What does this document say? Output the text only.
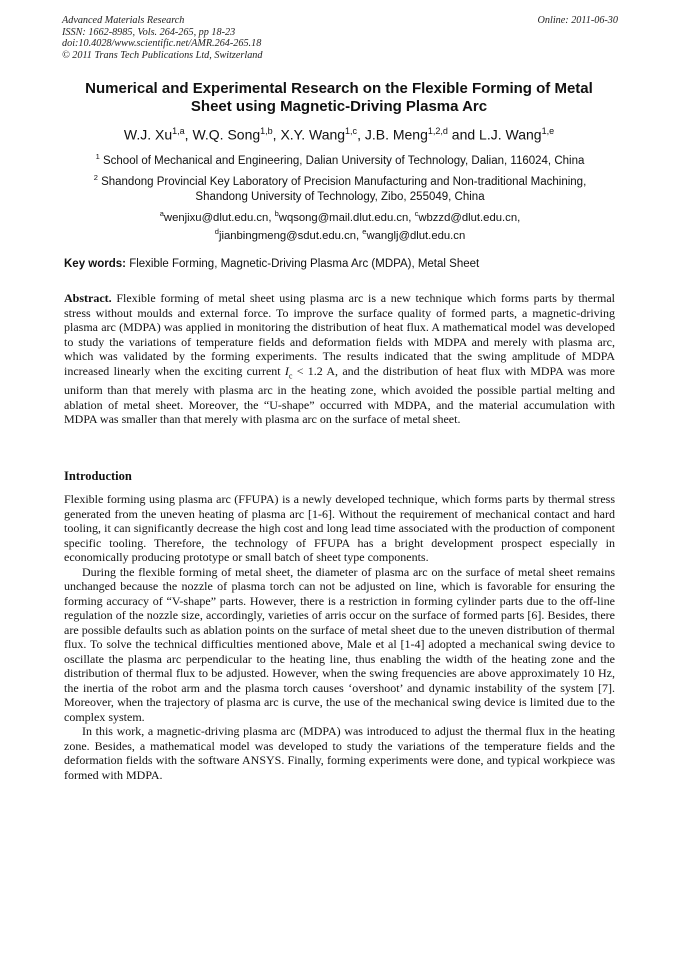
Advanced Materials Research
ISSN: 1662-8985, Vols. 264-265, pp 18-23
doi:10.4028/www.scientific.net/AMR.264-265.18
© 2011 Trans Tech Publications Ltd, Switzerland
Online: 2011-06-30
Numerical and Experimental Research on the Flexible Forming of Metal
Sheet using Magnetic-Driving Plasma Arc
W.J. Xu$^{1,a}$, W.Q. Song$^{1,b}$, X.Y. Wang$^{1,c}$, J.B. Meng$^{1,2,d}$ and L.J. Wang$^{1,e}$
$^1$ School of Mechanical and Engineering, Dalian University of Technology, Dalian, 116024, China
$^2$ Shandong Provincial Key Laboratory of Precision Manufacturing and Non-traditional Machining,
Shandong University of Technology, Zibo, 255049, China
$^a$wenjixu@dlut.edu.cn, $^b$wqsong@mail.dlut.edu.cn, $^c$wbzzd@dlut.edu.cn,
$^d$jianbingmeng@sdut.edu.cn, $^e$wanglj@dlut.edu.cn
Key words: Flexible Forming, Magnetic-Driving Plasma Arc (MDPA), Metal Sheet
Abstract. Flexible forming of metal sheet using plasma arc is a new technique which forms parts by thermal stress without moulds and external force. To improve the surface quality of formed parts, a magnetic-driving plasma arc (MDPA) was applied in monitoring the distribution of heat flux. A mathematical model was developed to study the variations of temperature fields and deformation fields with MDPA and merely with plasma arc, which was validated by the forming experiments. The results indicated that the swing amplitude of MDPA increased linearly when the exciting current $I_c < 1.2$ A, and the distribution of heat flux with MDPA was more uniform than that merely with plasma arc in the heating zone, which avoided the possible partial melting and ablation of metal sheet. Moreover, the “U-shape” occurred with MDPA, and the material accumulation with MDPA was smaller than that merely with plasma arc on the surface of metal sheet.
Introduction

Flexible forming using plasma arc (FFUPA) is a newly developed technique, which forms parts by thermal stress generated from the uneven heating of plasma arc [1-6]. Without the requirement of mechanical contact and hard tooling, it can significantly decrease the high cost and long lead time associated with the production of component specific tooling. Therefore, the technology of FFUPA has a bright development prospect especially in economically producing prototype or small batch of sheet type components.

During the flexible forming of metal sheet, the diameter of plasma arc on the surface of metal sheet remains unchanged because the nozzle of plasma torch can not be adjusted on line, which is favorable for ensuring the forming accuracy of “V-shape” parts. However, there is a restriction in forming cylinder parts due to the off-line regulation of the nozzle size, accordingly, varieties of arris occur on the surface of formed parts [6]. Besides, there are possible defaults such as ablation points on the surface of metal sheet due to the uneven distribution of thermal flux. To solve the technical difficulties mentioned above, Male et al [1-4] adopted a mechanical swing device to oscillate the plasma arc perpendicular to the heating line, thus enabling the width of the heating zone and the distribution of thermal flux to be adjusted. However, when the swing frequencies are above approximately 10 Hz, the inertia of the robot arm and the plasma torch causes ‘overshoot’ and dynamic instability of the system [7]. Moreover, when the trajectory of plasma arc is curve, the use of the mechanical swing device is limited due to the complex system.

In this work, a magnetic-driving plasma arc (MDPA) was introduced to adjust the thermal flux in the heating zone. Besides, a mathematical model was developed to study the variations of the temperature fields and the deformation fields with the software ANSYS. Finally, forming experiments were done, and typical workpiece was formed with MDPA.
